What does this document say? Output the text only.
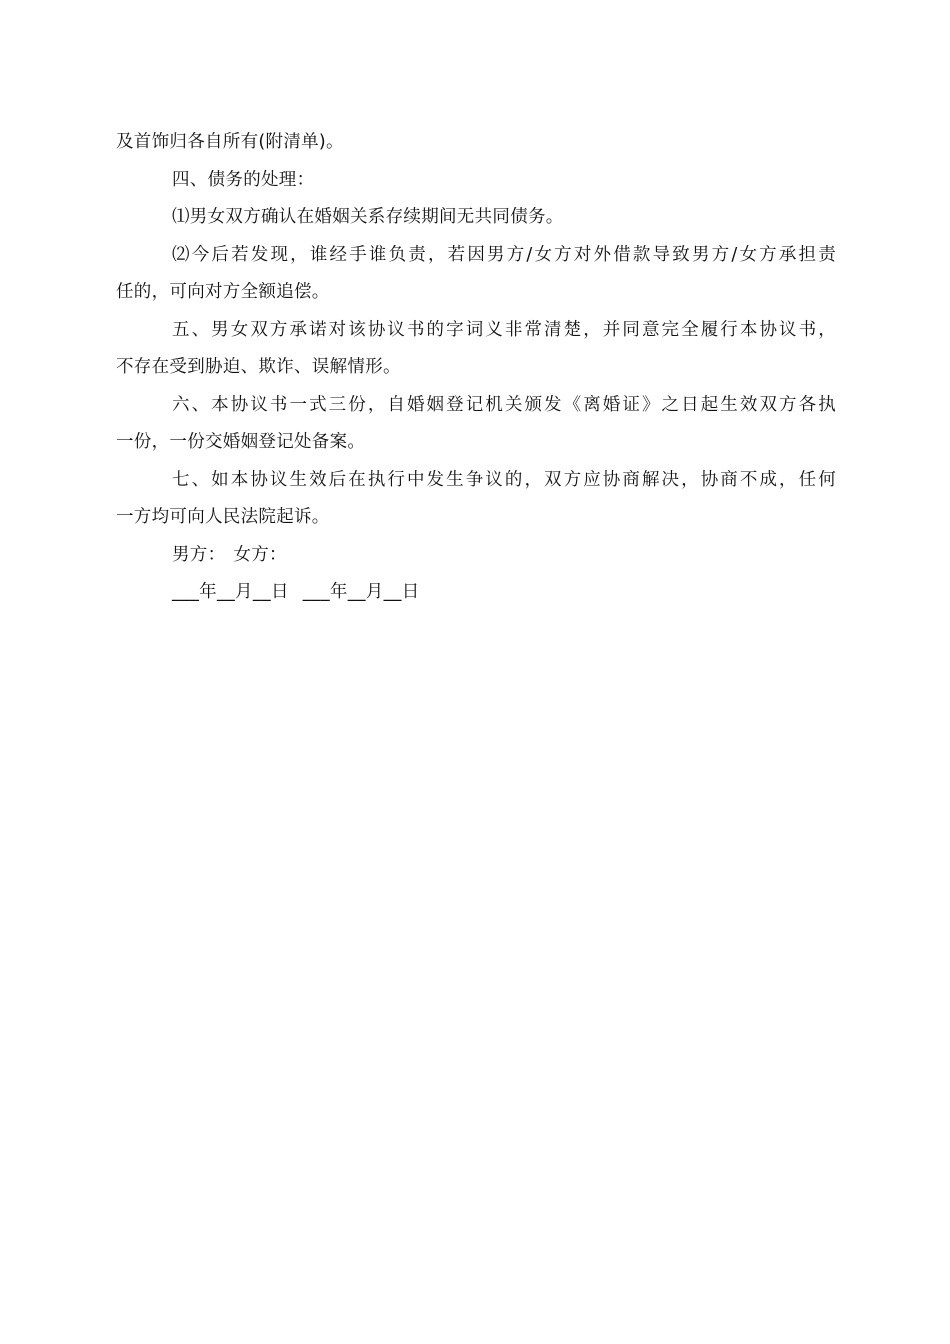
及首饰归各自所有(附清单)。
四、债务的处理：
⑴男女双方确认在婚姻关系存续期间无共同债务。
⑵今后若发现，谁经手谁负责，若因男方/女方对外借款导致男方/女方承担责
任的，可向对方全额追偿。
五、男女双方承诺对该协议书的字词义非常清楚，并同意完全履行本协议书，
不存在受到胁迫、欺诈、误解情形。
六、本协议书一式三份，自婚姻登记机关颁发《离婚证》之日起生效双方各执
一份，一份交婚姻登记处备案。
七、如本协议生效后在执行中发生争议的，双方应协商解决，协商不成，任何
一方均可向人民法院起诉。
男方： 女方：
___年__月__日 ___年__月__日
